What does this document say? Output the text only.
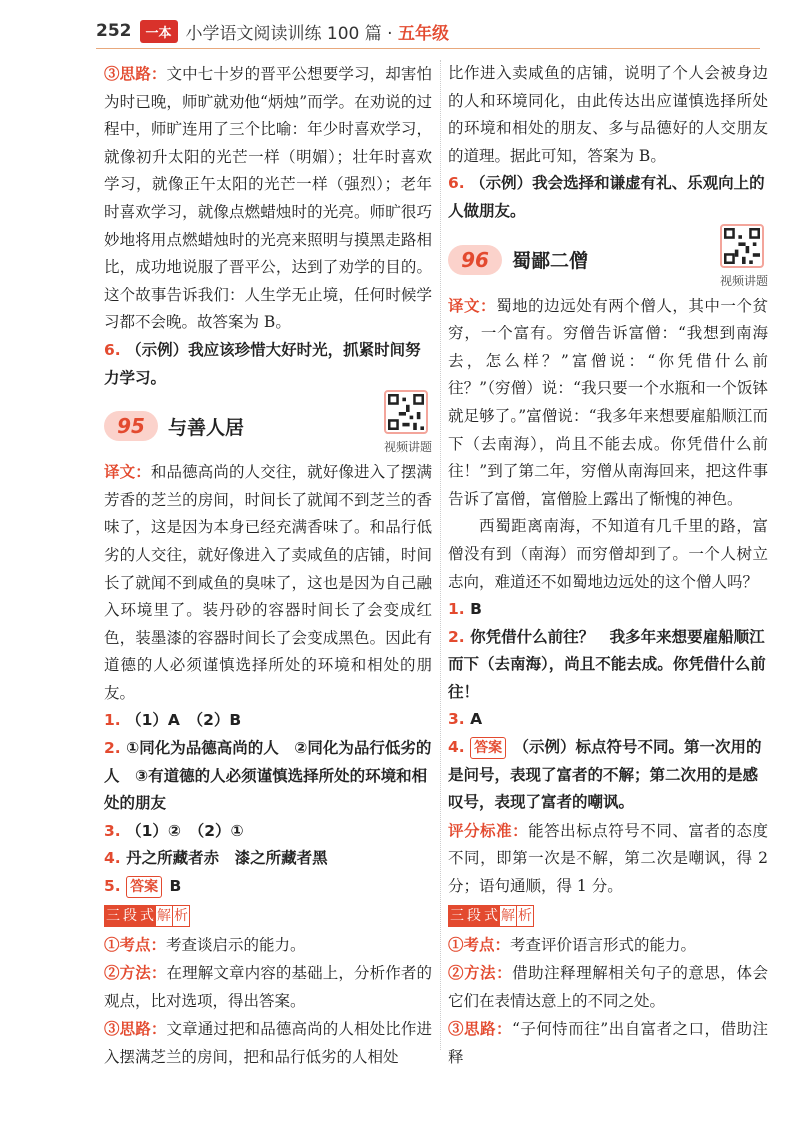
252	一本 小学语文阅读训练 100 篇 · 五年级

③思路：文中七十岁的晋平公想要学习，却害怕为时已晚，师旷就劝他“炳烛”而学。在劝说的过程中，师旷连用了三个比喻：年少时喜欢学习，就像初升太阳的光芒一样（明媚）；壮年时喜欢学习，就像正午太阳的光芒一样（强烈）；老年时喜欢学习，就像点燃蜡烛时的光亮。师旷很巧妙地将用点燃蜡烛时的光亮来照明与摸黑走路相比，成功地说服了晋平公，达到了劝学的目的。这个故事告诉我们：人生学无止境，任何时候学习都不会晚。故答案为 B。

6. （示例）我应该珍惜大好时光，抓紧时间努力学习。

95	与善人居
视频讲题

译文：和品德高尚的人交往，就好像进入了摆满芳香的芝兰的房间，时间长了就闻不到芝兰的香味了，这是因为本身已经充满香味了。和品行低劣的人交往，就好像进入了卖咸鱼的店铺，时间长了就闻不到咸鱼的臭味了，这也是因为自己融入环境里了。装丹砂的容器时间长了会变成红色，装墨漆的容器时间长了会变成黑色。因此有道德的人必须谨慎选择所处的环境和相处的朋友。

1. （1）A　（2）B

2. ①同化为品德高尚的人　②同化为品行低劣的人　③有道德的人必须谨慎选择所处的环境和相处的朋友

3. （1）②　（2）①

4. 丹之所藏者赤　漆之所藏者黑

5. 答案 B

三 段 式 解 析

①考点：考查谈启示的能力。

②方法：在理解文章内容的基础上，分析作者的观点，比对选项，得出答案。

③思路：文章通过把和品德高尚的人相处比作进入摆满芝兰的房间，把和品行低劣的人相处

比作进入卖咸鱼的店铺，说明了个人会被身边的人和环境同化，由此传达出应谨慎选择所处的环境和相处的朋友、多与品德好的人交朋友的道理。据此可知，答案为 B。

6. （示例）我会选择和谦虚有礼、乐观向上的人做朋友。

96	蜀鄙二僧
视频讲题

译文：蜀地的边远处有两个僧人，其中一个贫穷，一个富有。穷僧告诉富僧：“我想到南海去，怎么样？”富僧说：“你凭借什么前往？”（穷僧）说：“我只要一个水瓶和一个饭钵就足够了。”富僧说：“我多年来想要雇船顺江而下（去南海），尚且不能去成。你凭借什么前往！”到了第二年，穷僧从南海回来，把这件事告诉了富僧，富僧脸上露出了惭愧的神色。

西蜀距离南海，不知道有几千里的路，富僧没有到（南海）而穷僧却到了。一个人树立志向，难道还不如蜀地边远处的这个僧人吗？

1. B

2. 你凭借什么前往？　我多年来想要雇船顺江而下（去南海），尚且不能去成。你凭借什么前往！

3. A

4. 答案 （示例）标点符号不同。第一次用的是问号，表现了富者的不解；第二次用的是感叹号，表现了富者的嘲讽。

评分标准：能答出标点符号不同、富者的态度不同，即第一次是不解，第二次是嘲讽，得 2 分；语句通顺，得 1 分。

三 段 式 解 析

①考点：考查评价语言形式的能力。

②方法：借助注释理解相关句子的意思，体会它们在表情达意上的不同之处。

③思路：“子何恃而往”出自富者之口，借助注释
